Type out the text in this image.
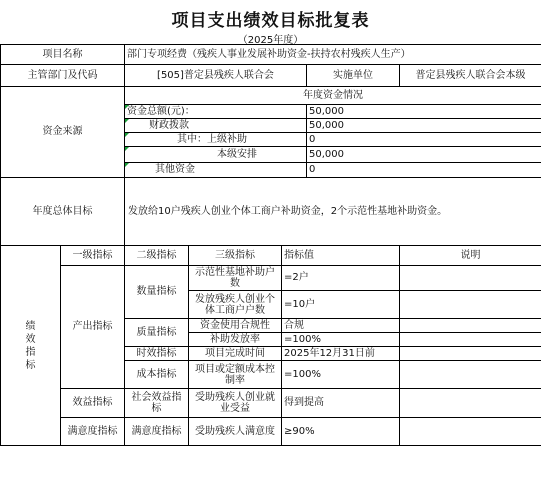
项目支出绩效目标批复表
（2025年度）
项目名称		部门专项经费（残疾人事业发展补助资金-扶持农村残疾人生产）				
主管部门及代码		[505]普定县残疾人联合会			实施单位	普定县残疾人联合会本级
资金来源		年度资金情况				

资金总额(元)：			50,000	

财政拨款			50,000	

其中：上级补助			0	

本级安排			50,000	

其他资金			0	
年度总体目标		发放给10户残疾人创业个体工商户补助资金，2个示范性基地补助资金。				

绩
效
指
标	一级指标	二级指标	三级指标	指标值		说明
	产出指标	数量指标	示范性基地补助户数	=2户		
			发放残疾人创业个体工商户户数	=10户		
		质量指标	资金使用合规性	合规		
			补助发放率	=100%		
		时效指标	项目完成时间	2025年12月31日前		
		成本指标	项目或定额成本控制率	=100%		

	效益指标	社会效益指标	受助残疾人创业就业受益	得到提高		
	满意度指标	满意度指标	受助残疾人满意度	≥90%		
